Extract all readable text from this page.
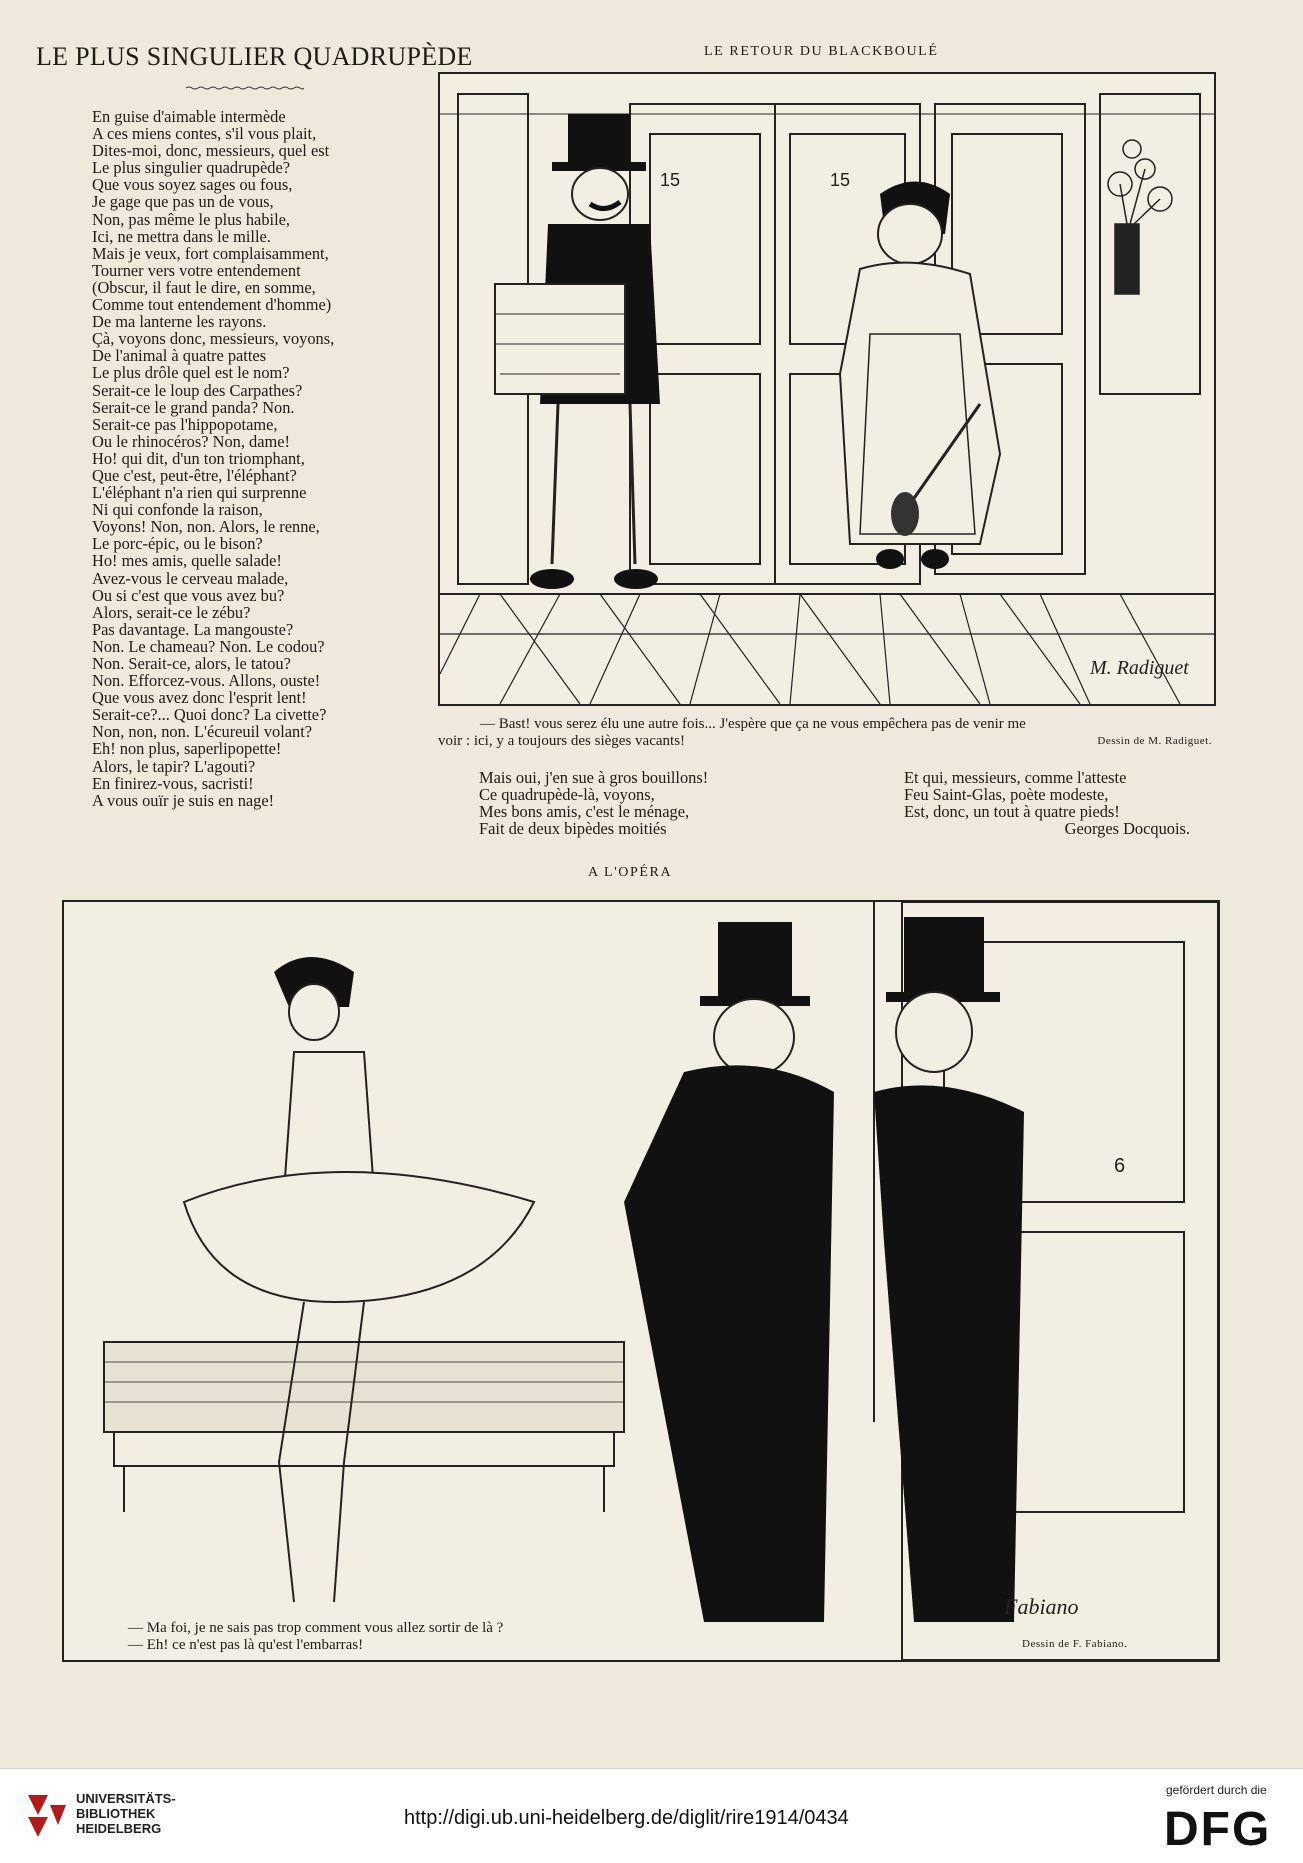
LE PLUS SINGULIER QUADRUPÈDE	LE RETOUR DU BLACKBOULÉ
En guise d'aimable intermède
A ces miens contes, s'il vous plait,
Dites-moi, donc, messieurs, quel est
Le plus singulier quadrupède?
Que vous soyez sages ou fous,
Je gage que pas un de vous,
Non, pas même le plus habile,
Ici, ne mettra dans le mille.
Mais je veux, fort complaisamment,
Tourner vers votre entendement
(Obscur, il faut le dire, en somme,
Comme tout entendement d'homme)
De ma lanterne les rayons.
Çà, voyons donc, messieurs, voyons,
De l'animal à quatre pattes
Le plus drôle quel est le nom?
Serait-ce le loup des Carpathes?
Serait-ce le grand panda? Non.
Serait-ce pas l'hippopotame,
Ou le rhinocéros? Non, dame!
Ho! qui dit, d'un ton triomphant,
Que c'est, peut-être, l'éléphant?
L'éléphant n'a rien qui surprenne
Ni qui confonde la raison,
Voyons! Non, non. Alors, le renne,
Le porc-épic, ou le bison?
Ho! mes amis, quelle salade!
Avez-vous le cerveau malade,
Ou si c'est que vous avez bu?
Alors, serait-ce le zébu?
Pas davantage. La mangouste?
Non. Le chameau? Non. Le codou?
Non. Serait-ce, alors, le tatou?
Non. Efforcez-vous. Allons, ouste!
Que vous avez donc l'esprit lent!
Serait-ce?... Quoi donc? La civette?
Non, non, non. L'écureuil volant?
Eh! non plus, saperlipopette!
Alors, le tapir? L'agouti?
En finirez-vous, sacristi!
A vous ouïr je suis en nage!
15	15
M. Radiguet
— Bast! vous serez élu une autre fois... J'espère que ça ne vous empêchera pas de venir me
voir : ici, y a toujours des sièges vacants!	Dessin de M. Radiguet.
Mais oui, j'en sue à gros bouillons!
Ce quadrupède-là, voyons,
Mes bons amis, c'est le ménage,
Fait de deux bipèdes moitiés
Et qui, messieurs, comme l'atteste
Feu Saint-Glas, poète modeste,
Est, donc, un tout à quatre pieds!
Georges Docquois.
A L'OPÉRA
6
Fabiano
— Ma foi, je ne sais pas trop comment vous allez sortir de là ?
— Eh! ce n'est pas là qu'est l'embarras!	Dessin de F. Fabiano.
UNIVERSITÄTS-
BIBLIOTHEK
HEIDELBERG	http://digi.ub.uni-heidelberg.de/diglit/rire1914/0434
gefördert durch die
DFG
